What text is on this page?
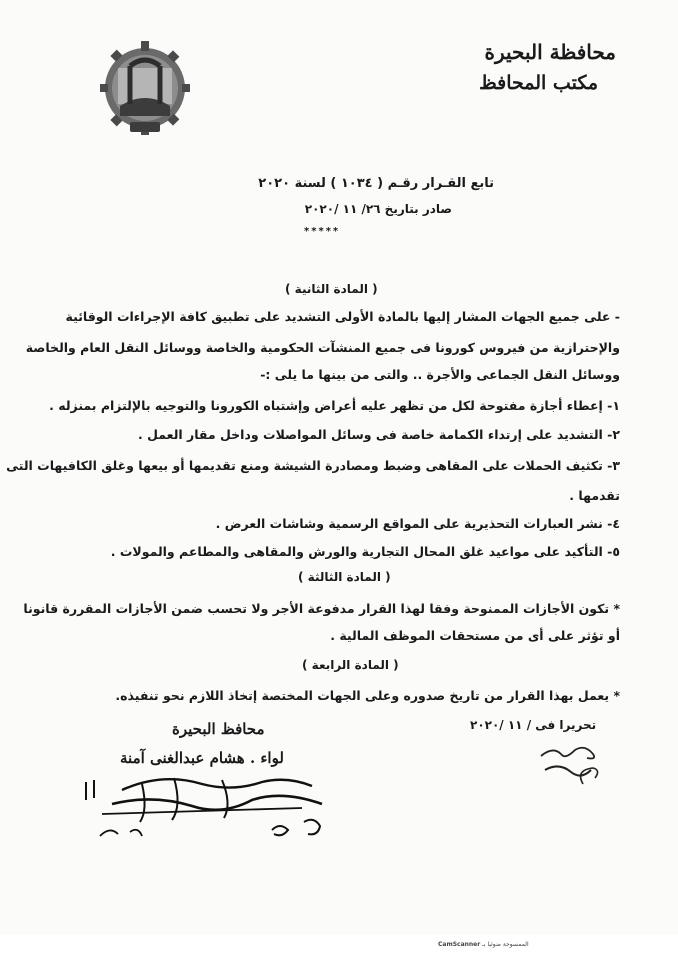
محافظة البحيرة
مكتب المحافظ
تابع القـرار رقـم ( ١٠٣٤ ) لسنة ٢٠٢٠
صادر بتاريخ ٢٦/ ١١ /٢٠٢٠
*****
( المادة الثانية )
- على جميع الجهات المشار إليها بالمادة الأولى التشديد على تطبيق كافة الإجراءات الوقائية
والإحترازية من فيروس كورونا فى جميع المنشآت الحكومية والخاصة ووسائل النقل العام والخاصة
ووسائل النقل الجماعى والأجرة .. والتى من بينها ما يلى :-
١- إعطاء أجازة مفتوحة لكل من تظهر عليه أعراض وإشتباه الكورونا والتوجيه بالإلتزام بمنزله .
٢- التشديد على إرتداء الكمامة خاصة فى وسائل المواصلات وداخل مقار العمل .
٣- تكثيف الحملات على المقاهى وضبط ومصادرة الشيشة ومنع تقديمها أو بيعها وغلق الكافيهات التى
تقدمها .
٤- نشر العبارات التحذيرية على المواقع الرسمية وشاشات العرض .
٥- التأكيد على مواعيد غلق المحال التجارية والورش والمقاهى والمطاعم والمولات .
( المادة الثالثة )
* تكون الأجازات الممنوحة وفقا لهذا القرار مدفوعة الأجر ولا تحسب ضمن الأجازات المقررة قانونا
أو تؤثر على أى من مستحقات الموظف المالية .
( المادة الرابعة )
* يعمل بهذا القرار من تاريخ صدوره وعلى الجهات المختصة إتخاذ اللازم نحو تنفيذه.
تحريرا فى / ١١ /٢٠٢٠
محافظ البحيرة
لواء . هشام عبدالغنى آمنة
الممسوحة ضوئيا بـ CamScanner
